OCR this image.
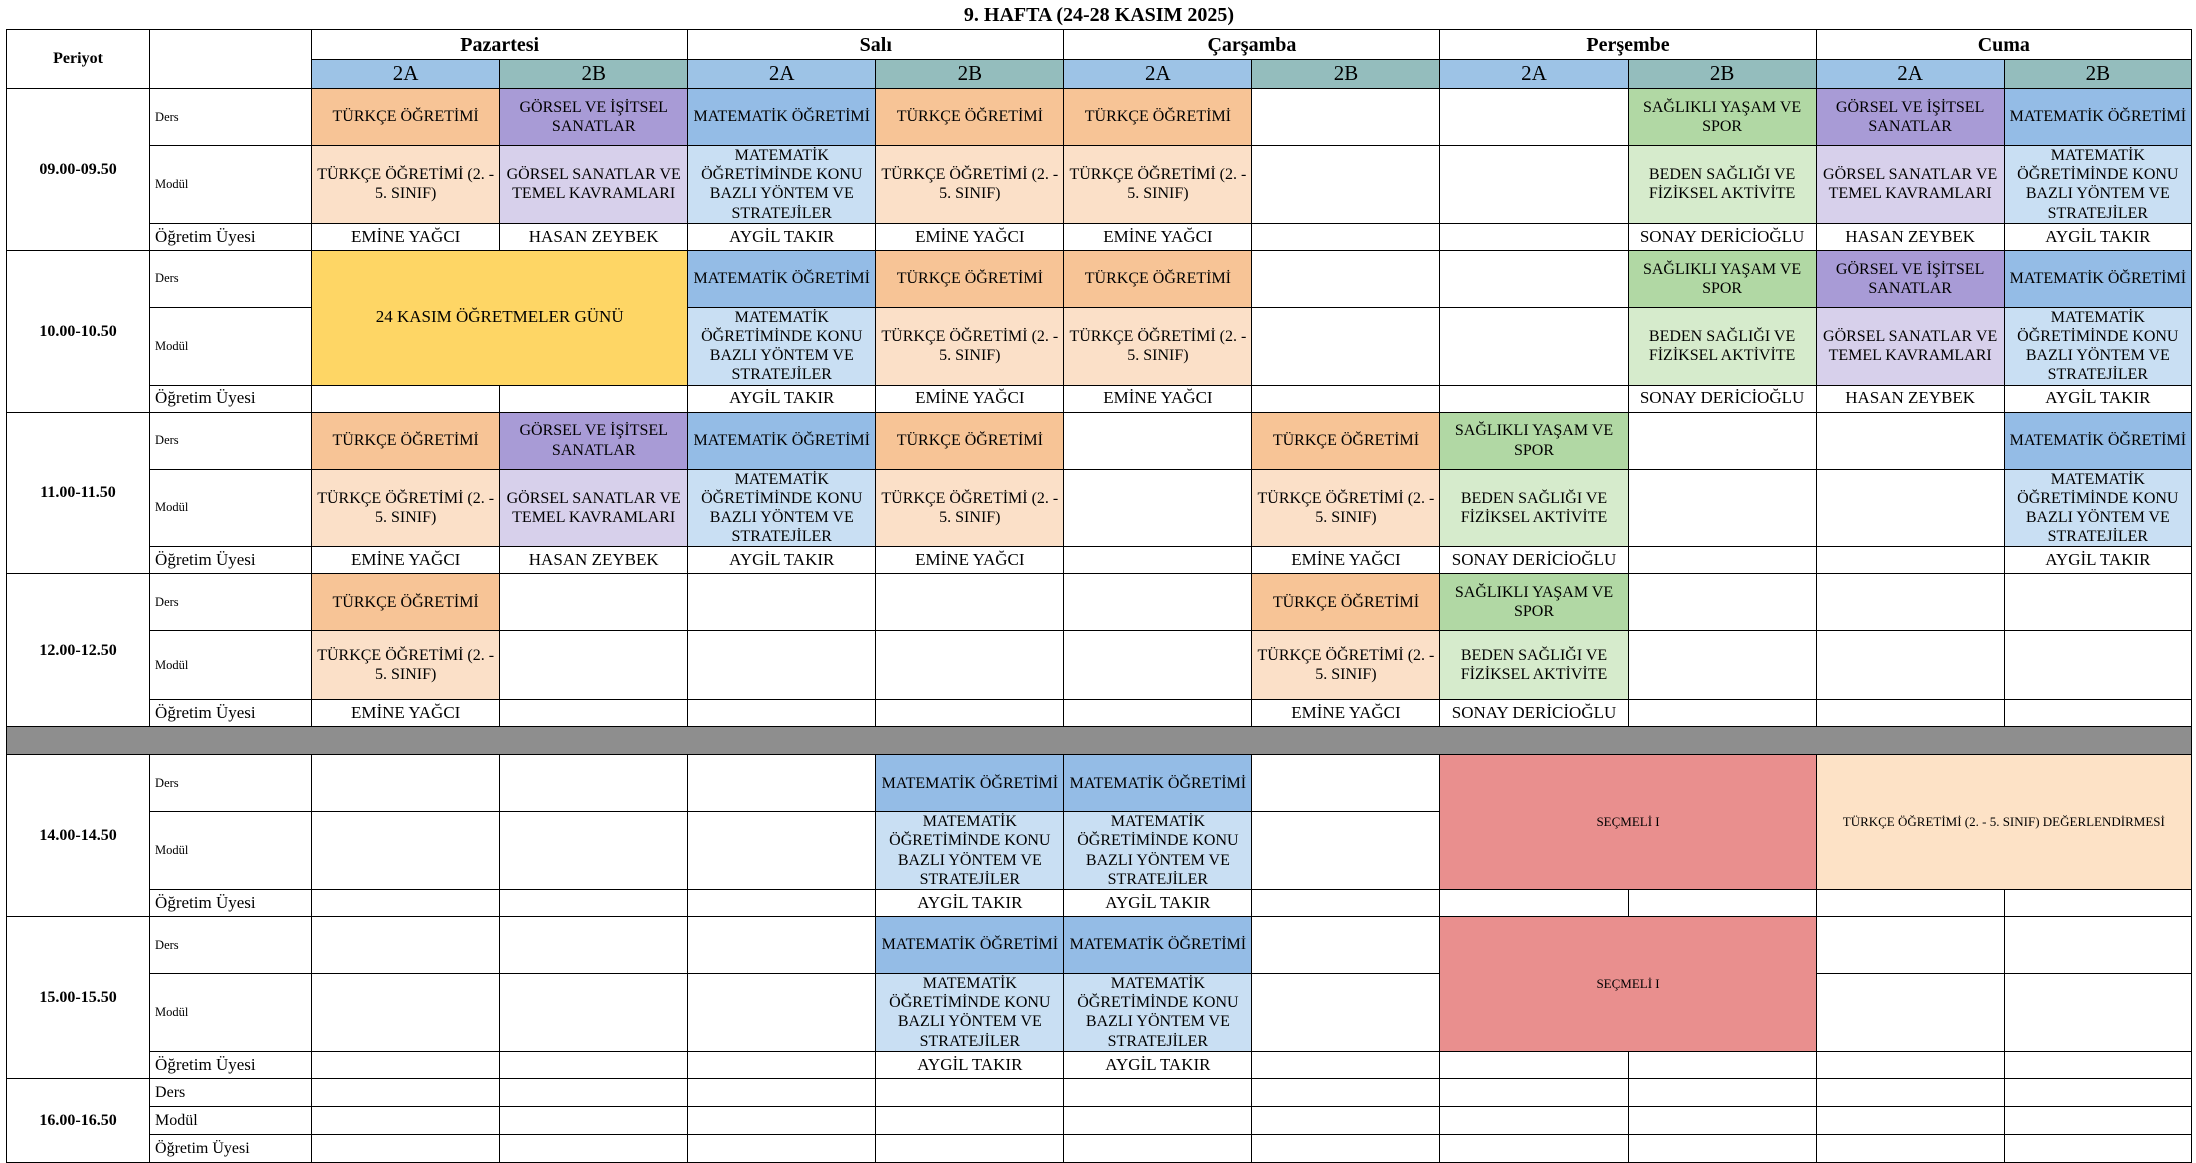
9. HAFTA (24-28 KASIM 2025)											
Periyot		Pazartesi		Salı		Çarşamba		Perşembe		Cuma	
		2A	2B	2A	2B	2A	2B	2A	2B	2A	2B
09.00-09.50	Ders	TÜRKÇE ÖĞRETİMİ	GÖRSEL VE İŞİTSEL SANATLAR	MATEMATİK ÖĞRETİMİ	TÜRKÇE ÖĞRETİMİ	TÜRKÇE ÖĞRETİMİ			SAĞLIKLI YAŞAM VE SPOR	GÖRSEL VE İŞİTSEL SANATLAR	MATEMATİK ÖĞRETİMİ
	Modül	TÜRKÇE ÖĞRETİMİ (2. - 5. SINIF)	GÖRSEL SANATLAR VE TEMEL KAVRAMLARI	MATEMATİK ÖĞRETİMİNDE KONU BAZLI YÖNTEM VE STRATEJİLER	TÜRKÇE ÖĞRETİMİ (2. - 5. SINIF)	TÜRKÇE ÖĞRETİMİ (2. - 5. SINIF)			BEDEN SAĞLIĞI VE FİZİKSEL AKTİVİTE	GÖRSEL SANATLAR VE TEMEL KAVRAMLARI	MATEMATİK ÖĞRETİMİNDE KONU BAZLI YÖNTEM VE STRATEJİLER
	Öğretim Üyesi	EMİNE YAĞCI	HASAN ZEYBEK	AYGİL TAKIR	EMİNE YAĞCI	EMİNE YAĞCI			SONAY DERİCİOĞLU	HASAN ZEYBEK	AYGİL TAKIR
10.00-10.50	Ders	24 KASIM ÖĞRETMELER GÜNÜ		MATEMATİK ÖĞRETİMİ	TÜRKÇE ÖĞRETİMİ	TÜRKÇE ÖĞRETİMİ			SAĞLIKLI YAŞAM VE SPOR	GÖRSEL VE İŞİTSEL SANATLAR	MATEMATİK ÖĞRETİMİ
	Modül			MATEMATİK ÖĞRETİMİNDE KONU BAZLI YÖNTEM VE STRATEJİLER	TÜRKÇE ÖĞRETİMİ (2. - 5. SINIF)	TÜRKÇE ÖĞRETİMİ (2. - 5. SINIF)			BEDEN SAĞLIĞI VE FİZİKSEL AKTİVİTE	GÖRSEL SANATLAR VE TEMEL KAVRAMLARI	MATEMATİK ÖĞRETİMİNDE KONU BAZLI YÖNTEM VE STRATEJİLER
	Öğretim Üyesi			AYGİL TAKIR	EMİNE YAĞCI	EMİNE YAĞCI			SONAY DERİCİOĞLU	HASAN ZEYBEK	AYGİL TAKIR
11.00-11.50	Ders	TÜRKÇE ÖĞRETİMİ	GÖRSEL VE İŞİTSEL SANATLAR	MATEMATİK ÖĞRETİMİ	TÜRKÇE ÖĞRETİMİ		TÜRKÇE ÖĞRETİMİ	SAĞLIKLI YAŞAM VE SPOR			MATEMATİK ÖĞRETİMİ
	Modül	TÜRKÇE ÖĞRETİMİ (2. - 5. SINIF)	GÖRSEL SANATLAR VE TEMEL KAVRAMLARI	MATEMATİK ÖĞRETİMİNDE KONU BAZLI YÖNTEM VE STRATEJİLER	TÜRKÇE ÖĞRETİMİ (2. - 5. SINIF)		TÜRKÇE ÖĞRETİMİ (2. - 5. SINIF)	BEDEN SAĞLIĞI VE FİZİKSEL AKTİVİTE			MATEMATİK ÖĞRETİMİNDE KONU BAZLI YÖNTEM VE STRATEJİLER
	Öğretim Üyesi	EMİNE YAĞCI	HASAN ZEYBEK	AYGİL TAKIR	EMİNE YAĞCI		EMİNE YAĞCI	SONAY DERİCİOĞLU			AYGİL TAKIR
12.00-12.50	Ders	TÜRKÇE ÖĞRETİMİ					TÜRKÇE ÖĞRETİMİ	SAĞLIKLI YAŞAM VE SPOR			
	Modül	TÜRKÇE ÖĞRETİMİ (2. - 5. SINIF)					TÜRKÇE ÖĞRETİMİ (2. - 5. SINIF)	BEDEN SAĞLIĞI VE FİZİKSEL AKTİVİTE			
	Öğretim Üyesi	EMİNE YAĞCI					EMİNE YAĞCI	SONAY DERİCİOĞLU			

14.00-14.50	Ders				MATEMATİK ÖĞRETİMİ	MATEMATİK ÖĞRETİMİ		SEÇMELİ I		TÜRKÇE ÖĞRETİMİ (2. - 5. SINIF) DEĞERLENDİRMESİ	
	Modül				MATEMATİK ÖĞRETİMİNDE KONU BAZLI YÖNTEM VE STRATEJİLER	MATEMATİK ÖĞRETİMİNDE KONU BAZLI YÖNTEM VE STRATEJİLER					
	Öğretim Üyesi				AYGİL TAKIR	AYGİL TAKIR					
15.00-15.50	Ders				MATEMATİK ÖĞRETİMİ	MATEMATİK ÖĞRETİMİ		SEÇMELİ I			
	Modül				MATEMATİK ÖĞRETİMİNDE KONU BAZLI YÖNTEM VE STRATEJİLER	MATEMATİK ÖĞRETİMİNDE KONU BAZLI YÖNTEM VE STRATEJİLER					
	Öğretim Üyesi				AYGİL TAKIR	AYGİL TAKIR					
16.00-16.50	Ders										
	Modül										
	Öğretim Üyesi										
